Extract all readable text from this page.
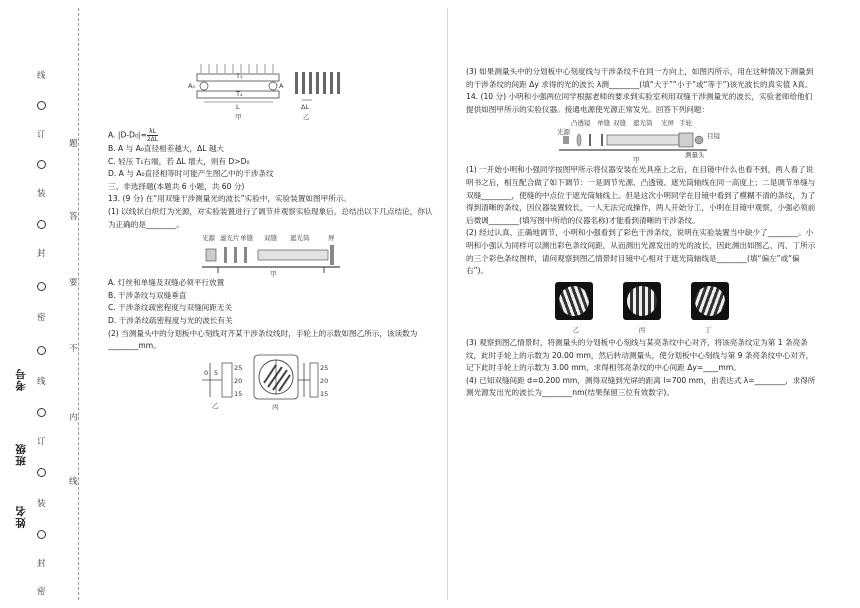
线
订
装
封
密
线
订
装
封
密
题
答
要
不
内
线
考号
班级
姓名
T₁
T₂
A₀	A
L
甲
ΔL
乙

A. $|D-D_0|= \frac{\lambda L}{2\Delta L}$

B. A 与 A₀直径相差越大，ΔL 越大

C. 轻压 T₁右端，若 ΔL 增大，则有 D>D₀

D. A 与 A₀直径相等时可能产生图乙中的干涉条纹

三、非选择题(本题共 6 小题，共 60 分)

13. (9 分) 在“用双缝干涉测量光的波长”实验中，实验装置如图甲所示。

(1) 以线状白炽灯为光源，对实验装置进行了调节并观察实验现象后，总结出以下几点结论，你认为正确的是________。

光源 滤光片 单缝 双缝 遮光筒	屏
甲

A. 灯丝和单缝及双缝必须平行放置

B. 干涉条纹与双缝垂直

C. 干涉条纹疏密程度与双缝间距无关

D. 干涉条纹疏密程度与光的波长有关

(2) 当测量头中的分划板中心刻线对齐某干涉条纹线时，手轮上的示数如图乙所示，该读数为________mm。

0 5
25
20
15
乙
25
20
15
丙

(3) 如果测量头中的分划板中心刻度线与干涉条纹不在同一方向上，如图丙所示，用在这种情况下测量到的干涉条纹的间距 Δy 求得的光的波长 λ测________(填“大于”“小于”或“等于”)该光波长的真实值 λ真。

14. (10 分) 小明和小强两位同学根据老师的要求到实验室利用双缝干涉测量光的波长，实验老师给他们提供如图甲所示的实验仪器。接通电源使光源正常发光。回答下列问题：

凸透镜 单缝 双缝 遮光筒 光屏 手轮
光源	目镜
测量头
甲

(1) 一开始小明和小强同学按图甲所示将仪器安装在光具座上之后，在目镜中什么也看不到，两人看了说明书之后，相互配合做了如下调节：一是调节光源、凸透镜、遮光筒轴线在同一高度上；二是调节单缝与双缝________，使缝的中点位于遮光筒轴线上。但是这次小明同学在目镜中看到了模糊不清的条纹，为了得到清晰的条纹，因仪器装置较长，一人无法完成操作，两人开始分工，小明在目镜中观察，小强必须前后微调________(填写图中所给的仪器名称)才能看到清晰的干涉条纹。

(2) 经过认真、正确地调节，小明和小强看到了彩色干涉条纹，说明在实验装置当中缺少了________。小明和小强认为同样可以测出彩色条纹间距，从而测出光源发出的光的波长，因此测出如图乙、丙、丁所示的三个彩色条纹图样，请问观察到图乙情景时目镜中心相对于遮光筒轴线是________(填“偏左”或“偏右”)。

乙	丙	丁

(3) 观察到图乙情景时，将测量头的分划板中心刻线与某亮条纹中心对齐，将该亮条纹定为第 1 条亮条纹，此时手轮上的示数为 20.00 mm，然后转动测量头，使分划板中心刻线与第 9 条亮条纹中心对齐，记下此时手轮上的示数为 3.00 mm，求得相邻亮条纹的中心间距 Δy=____mm。

(4) 已知双缝间距 d=0.200 mm，测得双缝到光屏的距离 l=700 mm，由表达式 λ=________，求得所测光源发出光的波长为________nm(结果保留三位有效数字)。
